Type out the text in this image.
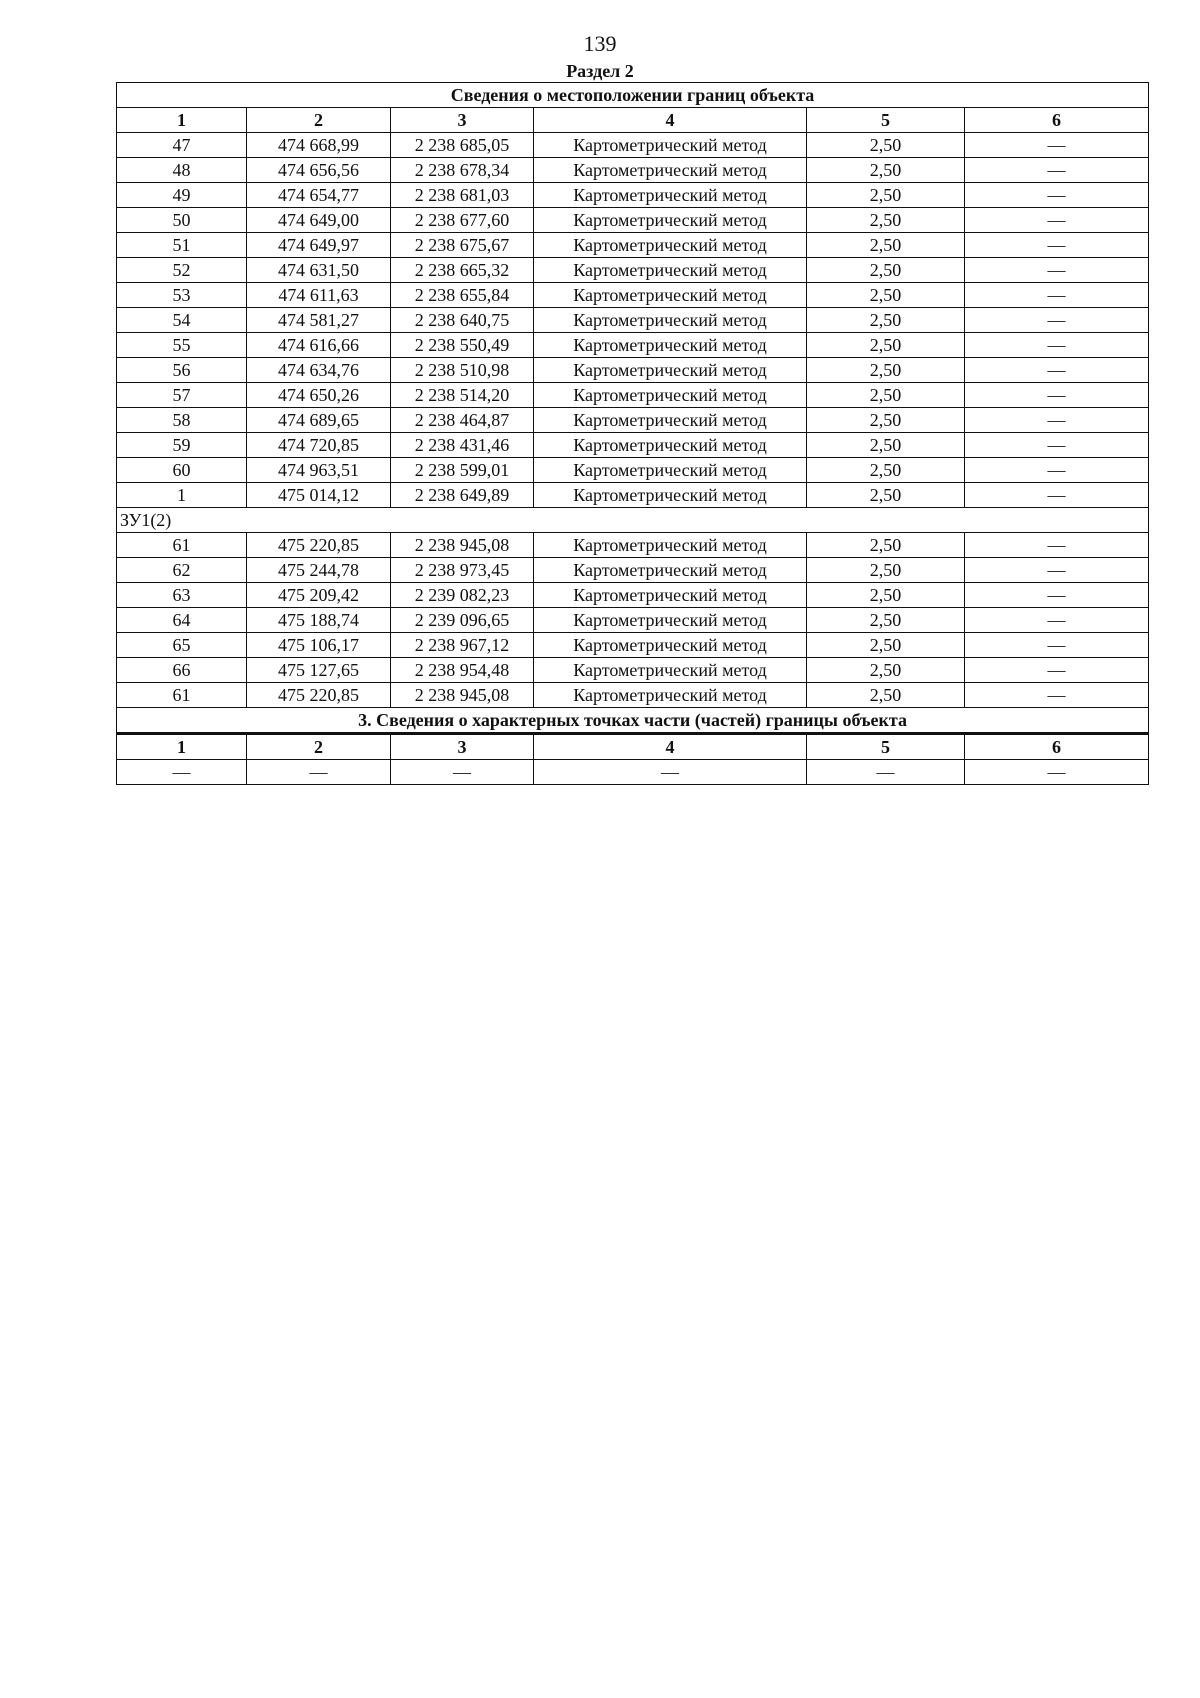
139
Раздел 2
Сведения о местоположении границ объекта					
1	2	3	4	5	6
47	474 668,99	2 238 685,05	Картометрический метод	2,50	—
48	474 656,56	2 238 678,34	Картометрический метод	2,50	—
49	474 654,77	2 238 681,03	Картометрический метод	2,50	—
50	474 649,00	2 238 677,60	Картометрический метод	2,50	—
51	474 649,97	2 238 675,67	Картометрический метод	2,50	—
52	474 631,50	2 238 665,32	Картометрический метод	2,50	—
53	474 611,63	2 238 655,84	Картометрический метод	2,50	—
54	474 581,27	2 238 640,75	Картометрический метод	2,50	—
55	474 616,66	2 238 550,49	Картометрический метод	2,50	—
56	474 634,76	2 238 510,98	Картометрический метод	2,50	—
57	474 650,26	2 238 514,20	Картометрический метод	2,50	—
58	474 689,65	2 238 464,87	Картометрический метод	2,50	—
59	474 720,85	2 238 431,46	Картометрический метод	2,50	—
60	474 963,51	2 238 599,01	Картометрический метод	2,50	—
1	475 014,12	2 238 649,89	Картометрический метод	2,50	—
ЗУ1(2)					
61	475 220,85	2 238 945,08	Картометрический метод	2,50	—
62	475 244,78	2 238 973,45	Картометрический метод	2,50	—
63	475 209,42	2 239 082,23	Картометрический метод	2,50	—
64	475 188,74	2 239 096,65	Картометрический метод	2,50	—
65	475 106,17	2 238 967,12	Картометрический метод	2,50	—
66	475 127,65	2 238 954,48	Картометрический метод	2,50	—
61	475 220,85	2 238 945,08	Картометрический метод	2,50	—
3. Сведения о характерных точках части (частей) границы объекта					
1	2	3	4	5	6
—	—	—	—	—	—
